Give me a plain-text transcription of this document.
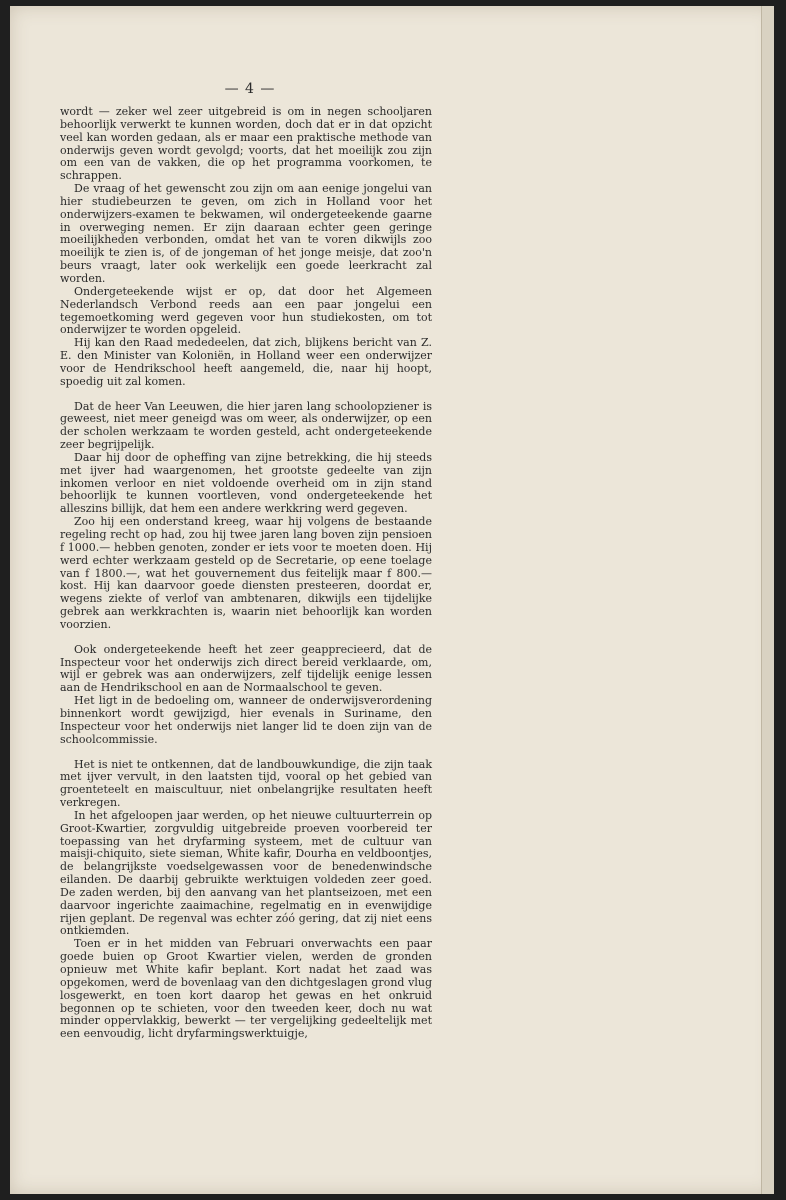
— 4 —

wordt — zeker wel zeer uitgebreid is om in negen schooljaren behoorlijk verwerkt te kunnen worden, doch dat er in dat opzicht veel kan worden gedaan, als er maar een praktische methode van onderwijs geven wordt gevolgd; voorts, dat het moeilijk zou zijn om een van de vakken, die op het programma voorkomen, te schrappen.

De vraag of het gewenscht zou zijn om aan eenige jongelui van hier studiebeurzen te geven, om zich in Holland voor het onderwijzers-examen te bekwamen, wil ondergeteekende gaarne in overweging nemen. Er zijn daaraan echter geen geringe moeilijkheden verbonden, omdat het van te voren dikwijls zoo moeilijk te zien is, of de jongeman of het jonge meisje, dat zoo'n beurs vraagt, later ook werkelijk een goede leerkracht zal worden.

Ondergeteekende wijst er op, dat door het Algemeen Nederlandsch Verbond reeds aan een paar jongelui een tegemoetkoming werd gegeven voor hun studiekosten, om tot onderwijzer te worden opgeleid.

Hij kan den Raad mededeelen, dat zich, blijkens bericht van Z. E. den Minister van Koloniën, in Holland weer een onderwijzer voor de Hendrikschool heeft aangemeld, die, naar hij hoopt, spoedig uit zal komen.

Dat de heer Van Leeuwen, die hier jaren lang schoolopziener is geweest, niet meer geneigd was om weer, als onderwijzer, op een der scholen werkzaam te worden gesteld, acht ondergeteekende zeer begrijpelijk.

Daar hij door de opheffing van zijne betrekking, die hij steeds met ijver had waargenomen, het grootste gedeelte van zijn inkomen verloor en niet voldoende overheid om in zijn stand behoorlijk te kunnen voortleven, vond ondergeteekende het alleszins billijk, dat hem een andere werkkring werd gegeven.

Zoo hij een onderstand kreeg, waar hij volgens de bestaande regeling recht op had, zou hij twee jaren lang boven zijn pensioen f 1000.— hebben genoten, zonder er iets voor te moeten doen. Hij werd echter werkzaam gesteld op de Secretarie, op eene toelage van f 1800.—, wat het gouvernement dus feitelijk maar f 800.— kost. Hij kan daarvoor goede diensten presteeren, doordat er, wegens ziekte of verlof van ambtenaren, dikwijls een tijdelijke gebrek aan werkkrachten is, waarin niet behoorlijk kan worden voorzien.

Ook ondergeteekende heeft het zeer geapprecieerd, dat de Inspecteur voor het onderwijs zich direct bereid verklaarde, om, wijl er gebrek was aan onderwijzers, zelf tijdelijk eenige lessen aan de Hendrikschool en aan de Normaalschool te geven.

Het ligt in de bedoeling om, wanneer de onderwijsverordening binnenkort wordt gewijzigd, hier evenals in Suriname, den Inspecteur voor het onderwijs niet langer lid te doen zijn van de schoolcommissie.

Het is niet te ontkennen, dat de landbouwkundige, die zijn taak met ijver vervult, in den laatsten tijd, vooral op het gebied van groenteteelt en maiscultuur, niet onbelangrijke resultaten heeft verkregen.

In het afgeloopen jaar werden, op het nieuwe cultuurterrein op Groot-Kwartier, zorgvuldig uitgebreide proeven voorbereid ter toepassing van het dryfarming systeem, met de cultuur van maisji-chiquito, siete sieman, White kafir, Dourha en veldboontjes, de belangrijkste voedselgewassen voor de benedenwindsche eilanden. De daarbij gebruikte werktuigen voldeden zeer goed. De zaden werden, bij den aanvang van het plantseizoen, met een daarvoor ingerichte zaaimachine, regelmatig en in evenwijdige rijen geplant. De regenval was echter zóó gering, dat zij niet eens ontkiemden.

Toen er in het midden van Februari onverwachts een paar goede buien op Groot Kwartier vielen, werden de gronden opnieuw met White kafir beplant. Kort nadat het zaad was opgekomen, werd de bovenlaag van den dichtgeslagen grond vlug losgewerkt, en toen kort daarop het gewas en het onkruid begonnen op te schieten, voor den tweeden keer, doch nu wat minder oppervlakkig, bewerkt — ter vergelijking gedeeltelijk met een eenvoudig, licht dryfarmingswerktuigje,
